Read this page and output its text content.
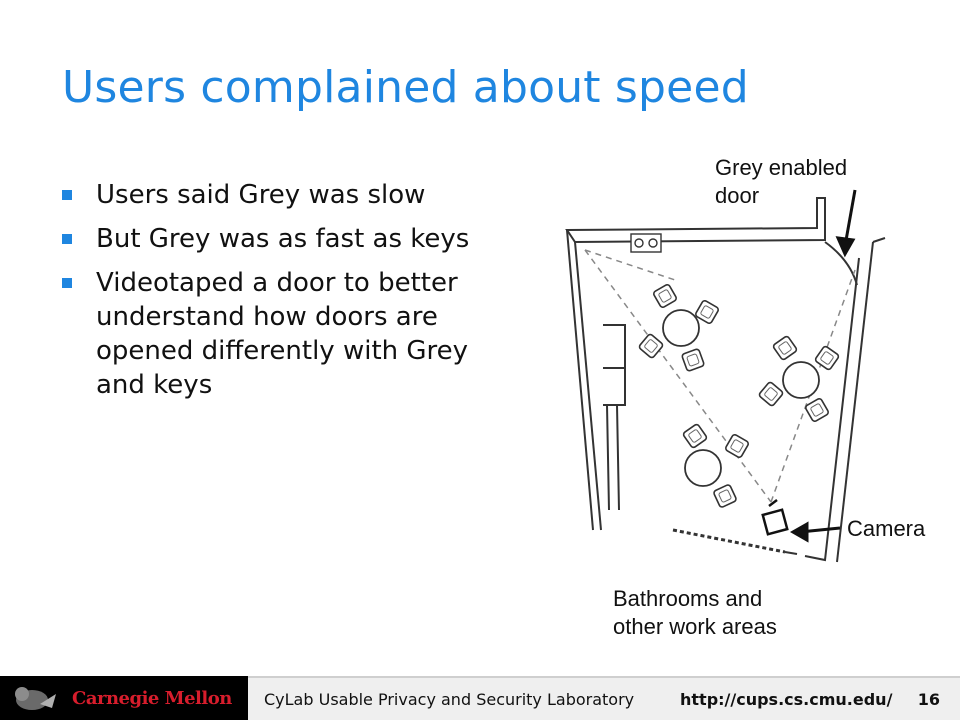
Users complained about speed
Users said Grey was slow
But Grey was as fast as keys
Videotaped a door to better understand how doors are opened differently with Grey and keys
Grey enabled door
Camera
Bathrooms and other work areas
Carnegie Mellon CyLab Usable Privacy and Security Laboratory	http://cups.cs.cmu.edu/ 16
